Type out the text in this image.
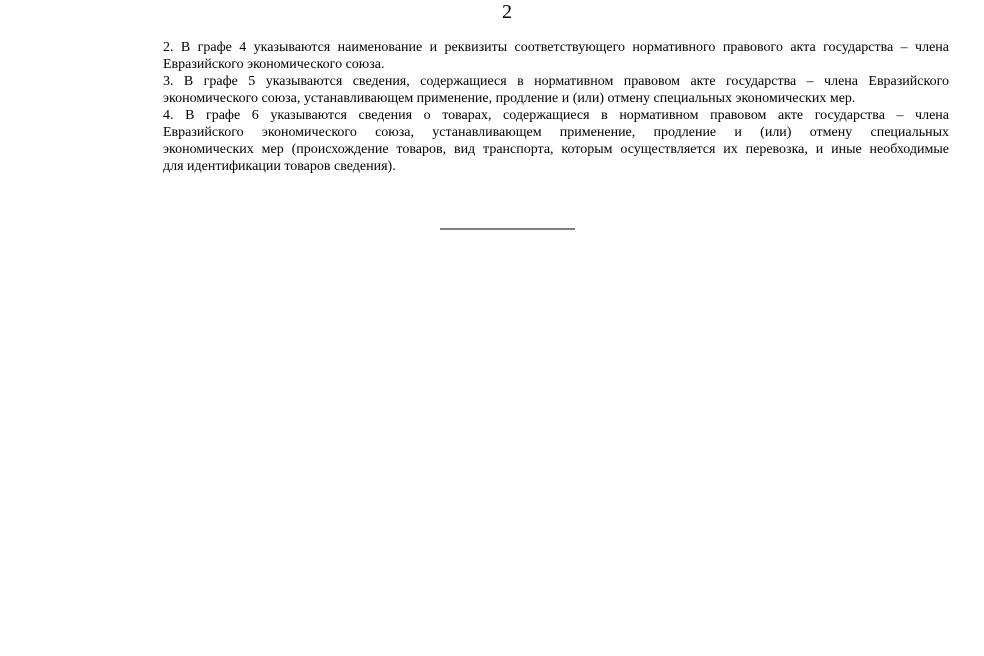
2
2. В графе 4 указываются наименование и реквизиты соответствующего нормативного правового акта государства – члена
Евразийского экономического союза.
3. В графе 5 указываются сведения, содержащиеся в нормативном правовом акте государства – члена Евразийского
экономического союза, устанавливающем применение, продление и (или) отмену специальных экономических мер.
4. В графе 6 указываются сведения о товарах, содержащиеся в нормативном правовом акте государства – члена
Евразийского экономического союза, устанавливающем применение, продление и (или) отмену специальных
экономических мер (происхождение товаров, вид транспорта, которым осуществляется их перевозка, и иные необходимые
для идентификации товаров сведения).
